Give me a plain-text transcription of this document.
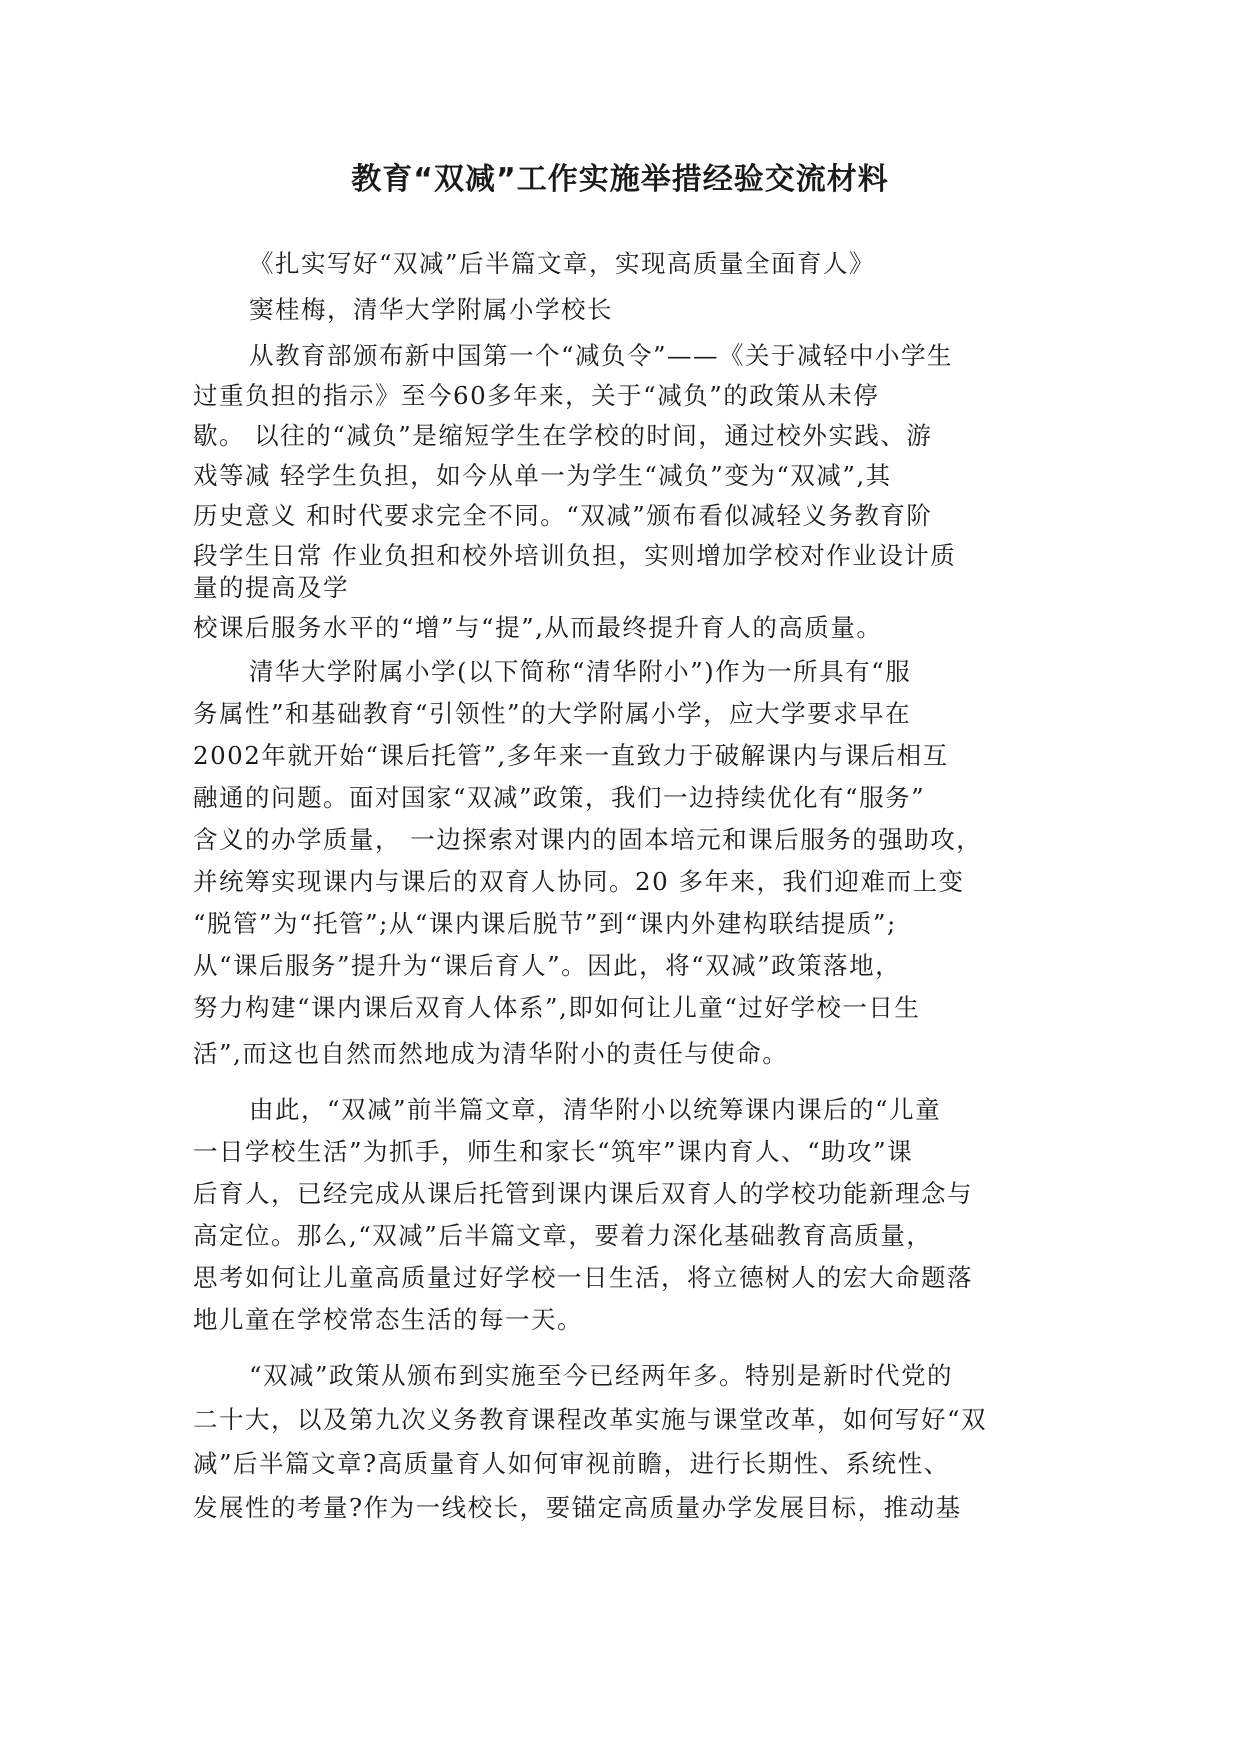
教育“双减”工作实施举措经验交流材料
《扎实写好“双减”后半篇文章，实现高质量全面育人》
窦桂梅，清华大学附属小学校长
从教育部颁布新中国第一个“减负令”——《关于减轻中小学生
过重负担的指示》至今60多年来，关于“减负”的政策从未停
歇。 以往的“减负”是缩短学生在学校的时间，通过校外实践、游
戏等减 轻学生负担，如今从单一为学生“减负”变为“双减”,其
历史意义 和时代要求完全不同。“双减”颁布看似减轻义务教育阶
段学生日常 作业负担和校外培训负担，实则增加学校对作业设计质
量的提高及学
校课后服务水平的“增”与“提”,从而最终提升育人的高质量。
清华大学附属小学(以下简称“清华附小”)作为一所具有“服
务属性”和基础教育“引领性”的大学附属小学，应大学要求早在
2002年就开始“课后托管”,多年来一直致力于破解课内与课后相互
融通的问题。面对国家“双减”政策，我们一边持续优化有“服务”
含义的办学质量， 一边探索对课内的固本培元和课后服务的强助攻，
并统筹实现课内与课后的双育人协同。20 多年来，我们迎难而上变
“脱管”为“托管”;从“课内课后脱节”到“课内外建构联结提质”;
从“课后服务”提升为“课后育人”。因此，将“双减”政策落地，
努力构建“课内课后双育人体系”,即如何让儿童“过好学校一日生
活”,而这也自然而然地成为清华附小的责任与使命。
由此，“双减”前半篇文章，清华附小以统筹课内课后的“儿童
一日学校生活”为抓手，师生和家长“筑牢”课内育人、“助攻”课
后育人，已经完成从课后托管到课内课后双育人的学校功能新理念与
高定位。那么,“双减”后半篇文章，要着力深化基础教育高质量，
思考如何让儿童高质量过好学校一日生活，将立德树人的宏大命题落
地儿童在学校常态生活的每一天。
“双减”政策从颁布到实施至今已经两年多。特别是新时代党的
二十大，以及第九次义务教育课程改革实施与课堂改革，如何写好“双
减”后半篇文章?高质量育人如何审视前瞻，进行长期性、系统性、
发展性的考量?作为一线校长，要锚定高质量办学发展目标，推动基
